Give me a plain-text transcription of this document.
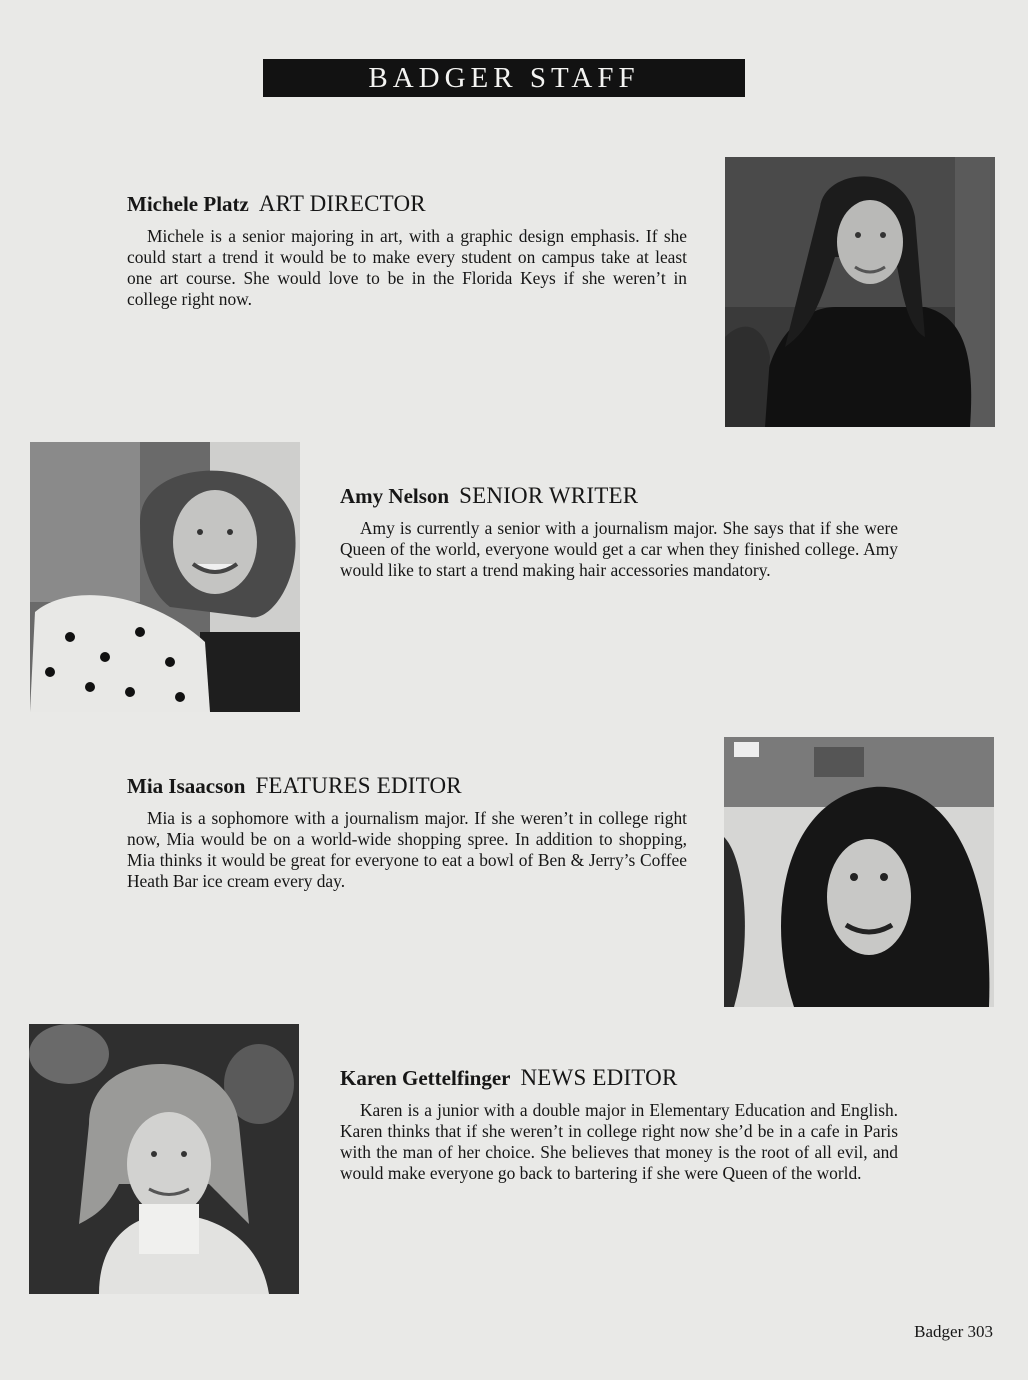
BADGER STAFF
Michele Platz ART DIRECTOR

Michele is a senior majoring in art, with a graphic design emphasis. If she could start a trend it would be to make every student on campus take at least one art course. She would love to be in the Florida Keys if she weren’t in college right now.

Amy Nelson SENIOR WRITER

Amy is currently a senior with a journalism major. She says that if she were Queen of the world, everyone would get a car when they finished college. Amy would like to start a trend making hair accessories mandatory.

Mia Isaacson FEATURES EDITOR

Mia is a sophomore with a journalism major. If she weren’t in college right now, Mia would be on a world-wide shopping spree. In addition to shopping, Mia thinks it would be great for everyone to eat a bowl of Ben & Jerry’s Coffee Heath Bar ice cream every day.

Karen Gettelfinger NEWS EDITOR

Karen is a junior with a double major in Elementary Education and English. Karen thinks that if she weren’t in college right now she’d be in a cafe in Paris with the man of her choice. She believes that money is the root of all evil, and would make everyone go back to bartering if she were Queen of the world.

Badger 303
